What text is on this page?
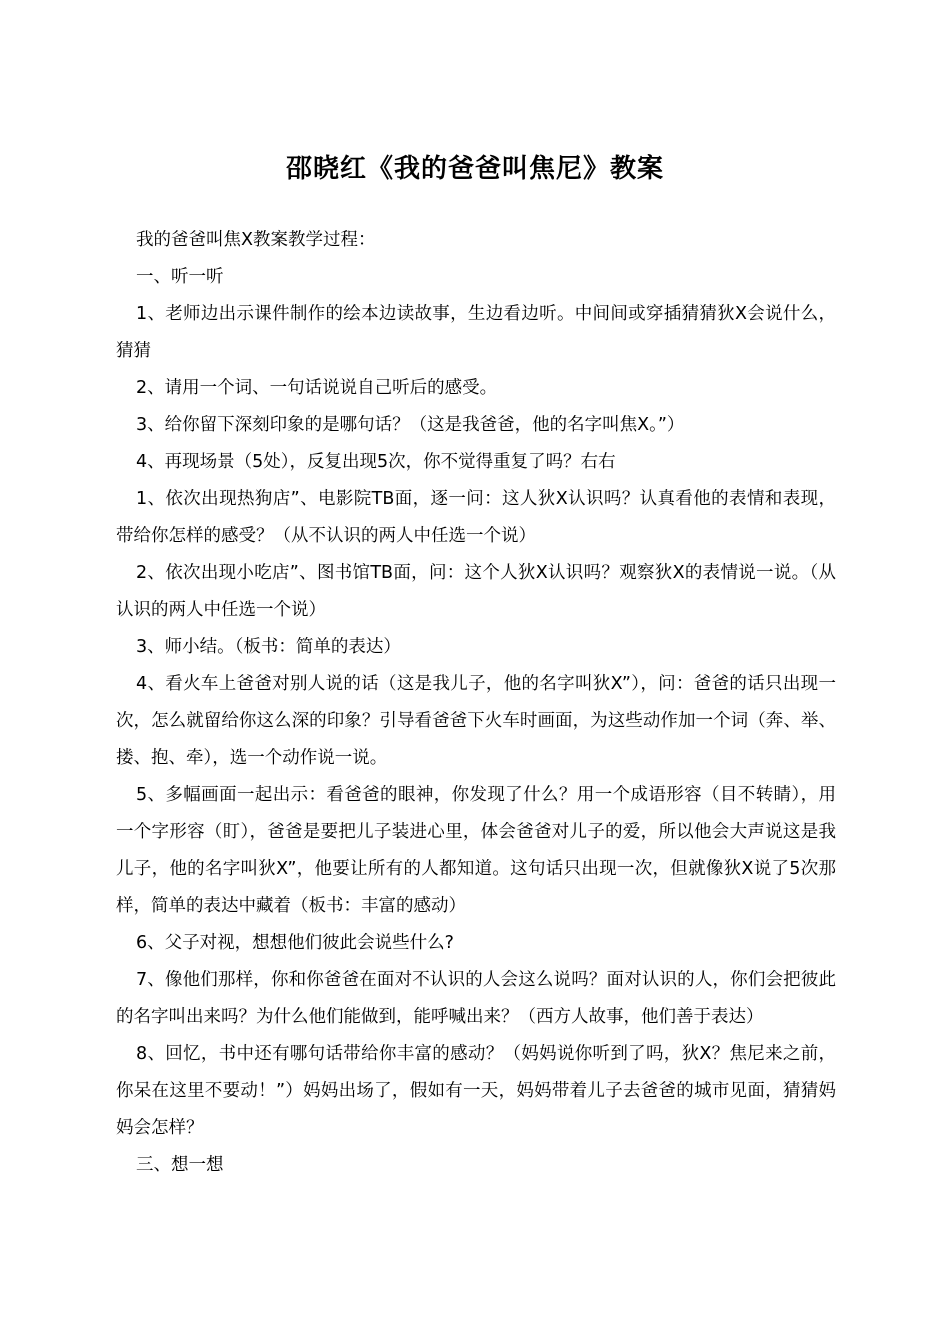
邵晓红《我的爸爸叫焦尼》教案

我的爸爸叫焦X教案教学过程：

一、听一听

1、老师边出示课件制作的绘本边读故事，生边看边听。中间间或穿插猜猜狄X会说什么，猜猜

2、请用一个词、一句话说说自己听后的感受。

3、给你留下深刻印象的是哪句话？（这是我爸爸，他的名字叫焦X。”）

4、再现场景（5处），反复出现5次，你不觉得重复了吗？右右

1、依次出现热狗店”、电影院TB面，逐一问：这人狄X认识吗？认真看他的表情和表现，带给你怎样的感受？（从不认识的两人中任选一个说）

2、依次出现小吃店”、图书馆TB面，问：这个人狄X认识吗？观察狄X的表情说一说。（从认识的两人中任选一个说）

3、师小结。（板书：简单的表达）

4、看火车上爸爸对别人说的话（这是我儿子，他的名字叫狄X”），问：爸爸的话只出现一次，怎么就留给你这么深的印象？引导看爸爸下火车时画面，为这些动作加一个词（奔、举、搂、抱、牵），选一个动作说一说。

5、多幅画面一起出示：看爸爸的眼神，你发现了什么？用一个成语形容（目不转睛），用一个字形容（盯），爸爸是要把儿子装进心里，体会爸爸对儿子的爱，所以他会大声说这是我儿子，他的名字叫狄X”，他要让所有的人都知道。这句话只出现一次，但就像狄X说了5次那样，简单的表达中藏着（板书：丰富的感动）

6、父子对视，想想他们彼此会说些什么?

7、像他们那样，你和你爸爸在面对不认识的人会这么说吗？面对认识的人，你们会把彼此的名字叫出来吗？为什么他们能做到，能呼喊出来？（西方人故事，他们善于表达）

8、回忆，书中还有哪句话带给你丰富的感动？（妈妈说你听到了吗，狄X？焦尼来之前，你呆在这里不要动！”）妈妈出场了，假如有一天，妈妈带着儿子去爸爸的城市见面，猜猜妈妈会怎样？

三、想一想
